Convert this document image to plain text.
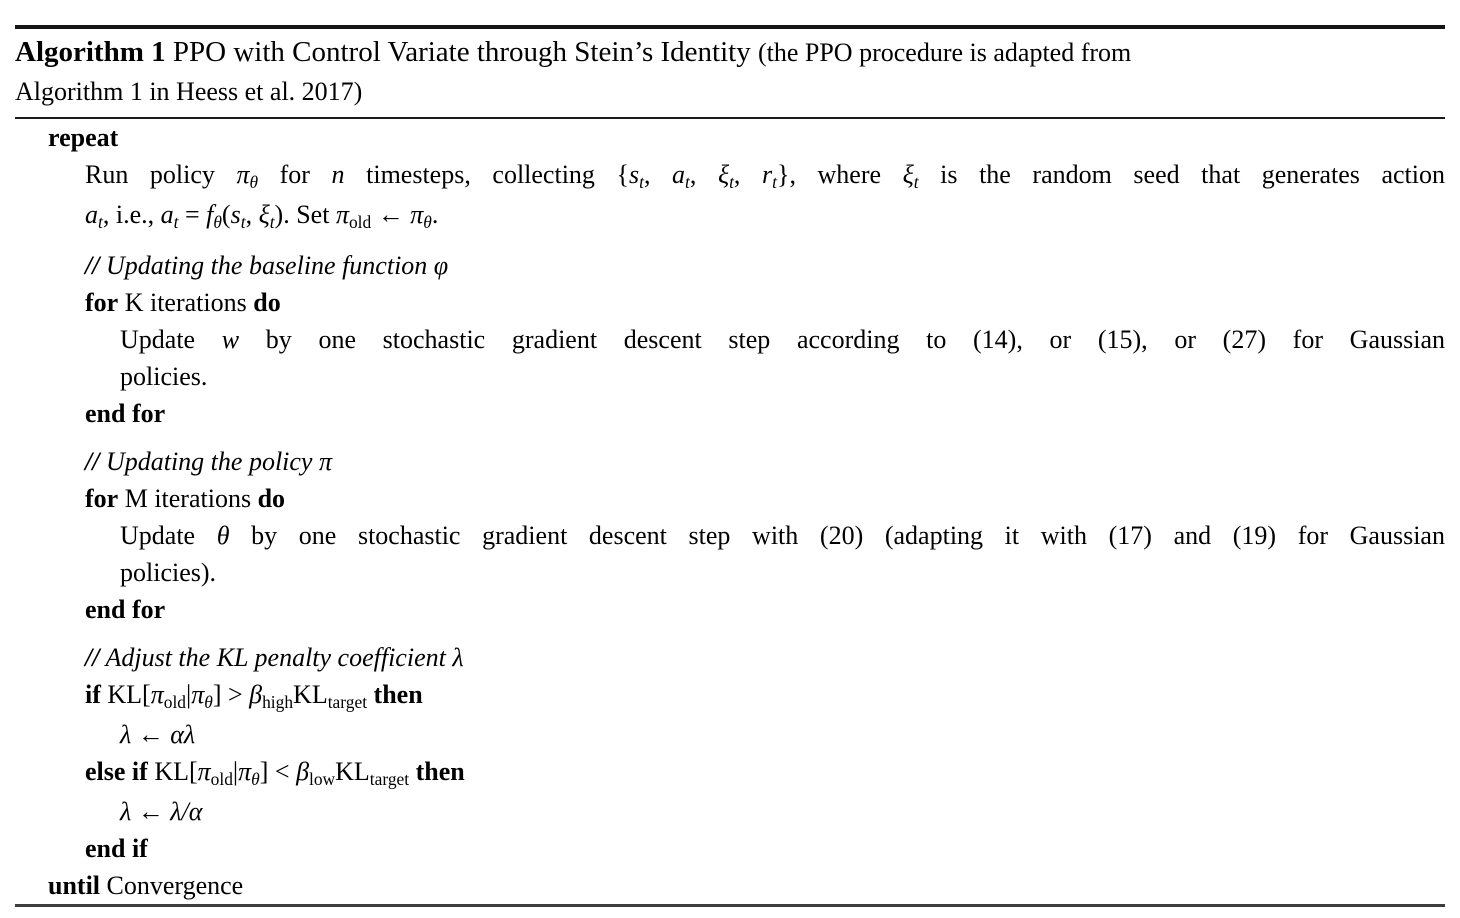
Algorithm 1 PPO with Control Variate through Stein’s Identity (the PPO procedure is adapted from
Algorithm 1 in Heess et al. 2017)
repeat
Run policy $\pi_\theta$ for n timesteps, collecting {$s_t$, $a_t$, $\xi_t$, $r_t$}, where $\xi_t$ is the random seed that generates action
$a_t$, i.e., $a_t = f_\theta(s_t$, $\xi_t$). Set $\pi_{old}$ ← $\pi_\theta$.
// Updating the baseline function φ
for K iterations do
Update w by one stochastic gradient descent step according to (14), or (15), or (27) for Gaussian
policies.
end for
// Updating the policy π
for M iterations do
Update θ by one stochastic gradient descent step with (20) (adapting it with (17) and (19) for Gaussian
policies).
end for
// Adjust the KL penalty coefficient λ
if $KL[\pi_{old}|\pi_\theta] > \beta_{high}KL_{target}$ then
λ ← αλ
else if $KL[\pi_{old}|\pi_\theta] < \beta_{low}KL_{target}$ then
λ ← λ/α
end if
until Convergence
